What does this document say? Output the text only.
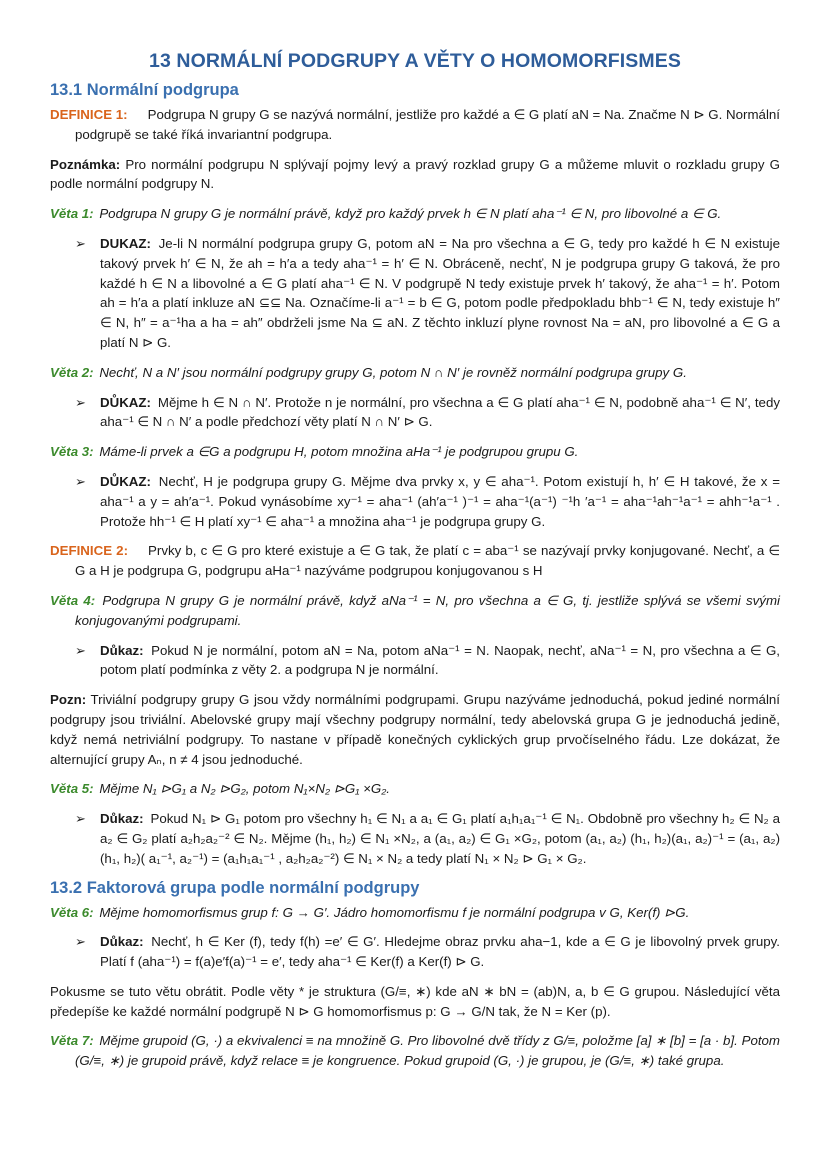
13 NORMÁLNÍ PODGRUPY A VĚTY O HOMOMORFISMES
13.1 Normální podgrupa

DEFINICE 1: Podgrupa N grupy G se nazývá normální, jestliže pro každé a ∈ G platí aN = Na. Značme N ⊳ G. Normální podgrupě se také říká invariantní podgrupa.

Poznámka: Pro normální podgrupu N splývají pojmy levý a pravý rozklad grupy G a můžeme mluvit o rozkladu grupy G podle normální podgrupy N.

Věta 1: Podgrupa N grupy G je normální právě, když pro každý prvek h ∈ N platí aha⁻¹ ∈ N, pro libovolné a ∈ G.

➢ DUKAZ: Je-li N normální podgrupa grupy G, potom aN = Na pro všechna a ∈ G, tedy pro každé h ∈ N existuje takový prvek h′ ∈ N, že ah = h′a a tedy aha⁻¹ = h′ ∈ N. Obráceně, nechť, N je podgrupa grupy G taková, že pro každé h ∈ N a libovolné a ∈ G platí aha⁻¹ ∈ N. V podgrupě N tedy existuje prvek h′ takový, že aha⁻¹ = h′. Potom ah = h′a a platí inkluze aN ⊆⊆ Na. Označíme-li a⁻¹ = b ∈ G, potom podle předpokladu bhb⁻¹ ∈ N, tedy existuje h″ ∈ N, h″ = a⁻¹ha a ha = ah″ obdrželi jsme Na ⊆ aN. Z těchto inkluzí plyne rovnost Na = aN, pro libovolné a ∈ G a platí N ⊳ G.

Věta 2: Nechť, N a N′ jsou normální podgrupy grupy G, potom N ∩ N′ je rovněž normální podgrupa grupy G.

➢ DŮKAZ: Mějme h ∈ N ∩ N′. Protože n je normální, pro všechna a ∈ G platí aha⁻¹ ∈ N, podobně aha⁻¹ ∈ N′, tedy aha⁻¹ ∈ N ∩ N′ a podle předchozí věty platí N ∩ N′ ⊳ G.

Věta 3: Máme-li prvek a ∈G a podgrupu H, potom množina aHa⁻¹ je podgrupou grupu G.

➢ DŮKAZ: Nechť, H je podgrupa grupy G. Mějme dva prvky x, y ∈ aha⁻¹. Potom existují h, h′ ∈ H takové, že x = aha⁻¹ a y = ah′a⁻¹. Pokud vynásobíme xy⁻¹ = aha⁻¹ (ah′a⁻¹ )⁻¹ = aha⁻¹(a⁻¹) ⁻¹h ′a⁻¹ = aha⁻¹ah⁻¹a⁻¹ = ahh⁻¹a⁻¹ . Protože hh⁻¹ ∈ H platí xy⁻¹ ∈ aha⁻¹ a množina aha⁻¹ je podgrupa grupy G.

DEFINICE 2: Prvky b, c ∈ G pro které existuje a ∈ G tak, že platí c = aba⁻¹ se nazývají prvky konjugované. Nechť, a ∈ G a H je podgrupa G, podgrupu aHa⁻¹ nazýváme podgrupou konjugovanou s H

Věta 4: Podgrupa N grupy G je normální právě, když aNa⁻¹ = N, pro všechna a ∈ G, tj. jestliže splývá se všemi svými konjugovanými podgrupami.

➢ Důkaz: Pokud N je normální, potom aN = Na, potom aNa⁻¹ = N. Naopak, nechť, aNa⁻¹ = N, pro všechna a ∈ G, potom platí podmínka z věty 2. a podgrupa N je normální.

Pozn: Triviální podgrupy grupy G jsou vždy normálními podgrupami. Grupu nazýváme jednoduchá, pokud jediné normální podgrupy jsou triviální. Abelovské grupy mají všechny podgrupy normální, tedy abelovská grupa G je jednoduchá jedině, když nemá netriviální podgrupy. To nastane v případě konečných cyklických grup prvočíselného řádu. Lze dokázat, že alternující grupy Aₙ, n ≠ 4 jsou jednoduché.

Věta 5: Mějme N₁ ⊳G₁ a N₂ ⊳G₂, potom N₁×N₂ ⊳G₁ ×G₂.

➢ Důkaz: Pokud N₁ ⊳ G₁ potom pro všechny h₁ ∈ N₁ a a₁ ∈ G₁ platí a₁h₁a₁⁻¹ ∈ N₁. Obdobně pro všechny h₂ ∈ N₂ a a₂ ∈ G₂ platí a₂h₂a₂⁻² ∈ N₂. Mějme (h₁, h₂) ∈ N₁ ×N₂, a (a₁, a₂) ∈ G₁ ×G₂, potom (a₁, a₂) (h₁, h₂)(a₁, a₂)⁻¹ = (a₁, a₂)(h₁, h₂)( a₁⁻¹, a₂⁻¹) = (a₁h₁a₁⁻¹ , a₂h₂a₂⁻²) ∈ N₁ × N₂ a tedy platí N₁ × N₂ ⊳ G₁ × G₂.
13.2 Faktorová grupa podle normální podgrupy

Věta 6: Mějme homomorfismus grup f: G → G′. Jádro homomorfismu f je normální podgrupa v G, Ker(f) ⊳G.

➢ Důkaz: Nechť, h ∈ Ker (f), tedy f(h) =e′ ∈ G′. Hledejme obraz prvku aha−1, kde a ∈ G je libovolný prvek grupy. Platí f (aha⁻¹) = f(a)e′f(a)⁻¹ = e′, tedy aha⁻¹ ∈ Ker(f) a Ker(f) ⊳ G.

Pokusme se tuto větu obrátit. Podle věty * je struktura (G/≡, ∗) kde aN ∗ bN = (ab)N, a, b ∈ G grupou. Následující věta předepíše ke každé normální podgrupě N ⊳ G homomorfismus p: G → G/N tak, že N = Ker (p).

Věta 7: Mějme grupoid (G, ·) a ekvivalenci ≡ na množině G. Pro libovolné dvě třídy z G/≡, položme [a] ∗ [b] = [a · b]. Potom (G/≡, ∗) je grupoid právě, když relace ≡ je kongruence. Pokud grupoid (G, ·) je grupou, je (G/≡, ∗) také grupa.
